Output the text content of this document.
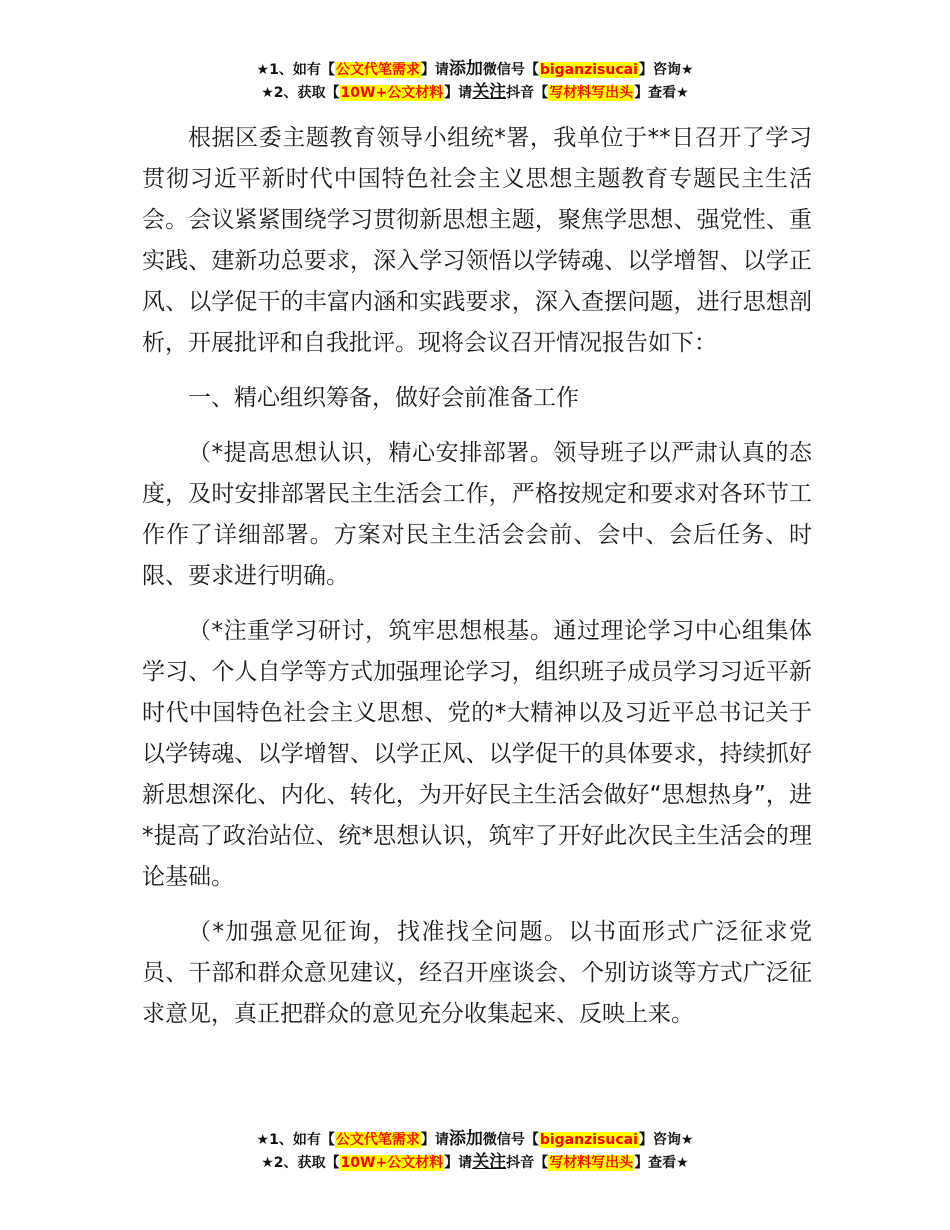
★1、如有【公文代笔需求】请添加微信号【biganzisucai】咨询★
★2、获取【10W+公文材料】请关注抖音【写材料写出头】查看★

根据区委主题教育领导小组统*署，我单位于**日召开了学习贯彻习近平新时代中国特色社会主义思想主题教育专题民主生活会。会议紧紧围绕学习贯彻新思想主题，聚焦学思想、强党性、重实践、建新功总要求，深入学习领悟以学铸魂、以学增智、以学正风、以学促干的丰富内涵和实践要求，深入查摆问题，进行思想剖析，开展批评和自我批评。现将会议召开情况报告如下：

一、精心组织筹备，做好会前准备工作

（*提高思想认识，精心安排部署。领导班子以严肃认真的态度，及时安排部署民主生活会工作，严格按规定和要求对各环节工作作了详细部署。方案对民主生活会会前、会中、会后任务、时限、要求进行明确。

（*注重学习研讨，筑牢思想根基。通过理论学习中心组集体学习、个人自学等方式加强理论学习，组织班子成员学习习近平新时代中国特色社会主义思想、党的*大精神以及习近平总书记关于以学铸魂、以学增智、以学正风、以学促干的具体要求，持续抓好新思想深化、内化、转化，为开好民主生活会做好“思想热身”，进*提高了政治站位、统*思想认识，筑牢了开好此次民主生活会的理论基础。

（*加强意见征询，找准找全问题。以书面形式广泛征求党员、干部和群众意见建议，经召开座谈会、个别访谈等方式广泛征求意见，真正把群众的意见充分收集起来、反映上来。

★1、如有【公文代笔需求】请添加微信号【biganzisucai】咨询★
★2、获取【10W+公文材料】请关注抖音【写材料写出头】查看★
